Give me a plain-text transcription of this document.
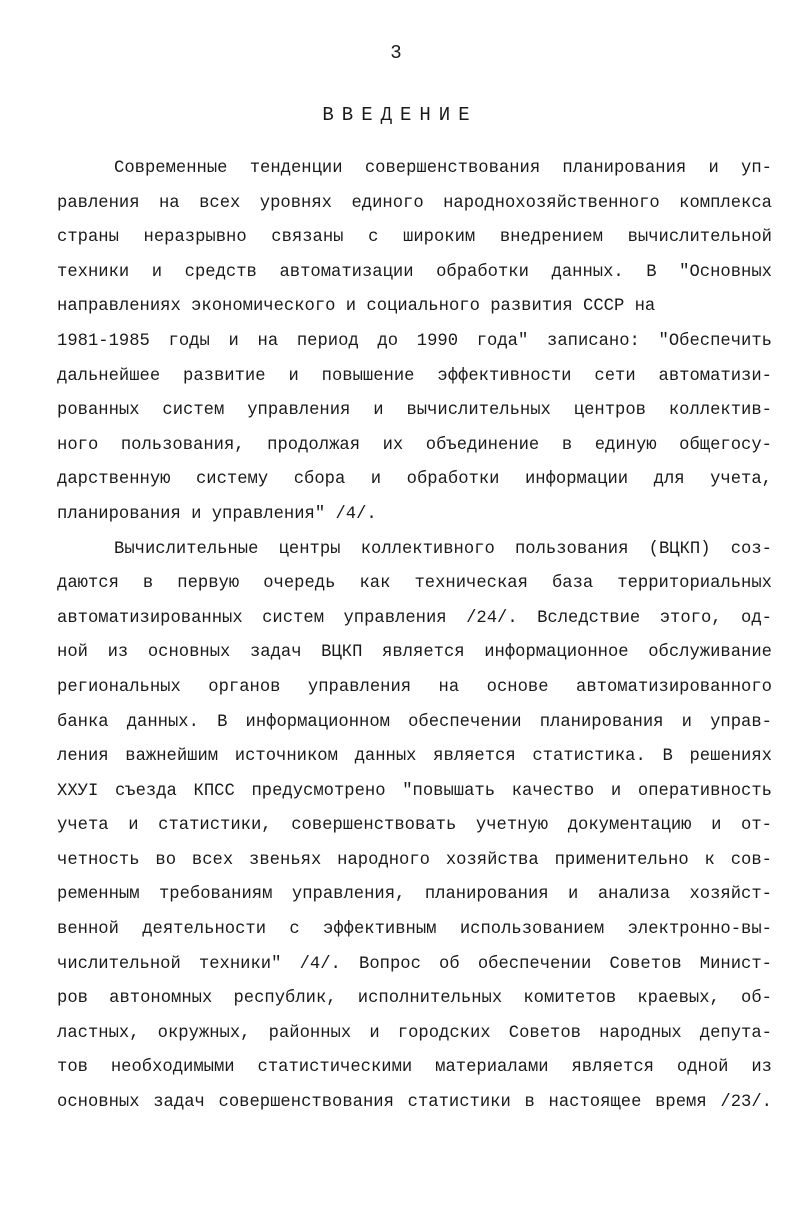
3
ВВЕДЕНИЕ
Современные тенденции совершенствования планирования и уп-
равления на всех уровнях единого народнохозяйственного комплекса
страны неразрывно связаны с широким внедрением вычислительной
техники и средств автоматизации обработки данных. В "Основных
направлениях экономического и социального развития СССР на
1981-1985 годы и на период до 1990 года" записано: "Обеспечить
дальнейшее развитие и повышение эффективности сети автоматизи-
рованных систем управления и вычислительных центров коллектив-
ного пользования, продолжая их объединение в единую общегосу-
дарственную систему сбора и обработки информации для учета,
планирования и управления" /4/.
Вычислительные центры коллективного пользования (ВЦКП) соз-
даются в первую очередь как техническая база территориальных
автоматизированных систем управления /24/. Вследствие этого, од-
ной из основных задач ВЦКП является информационное обслуживание
региональных органов управления на основе автоматизированного
банка данных. В информационном обеспечении планирования и управ-
ления важнейшим источником данных является статистика. В решениях
ХХУI съезда КПСС предусмотрено "повышать качество и оперативность
учета и статистики, совершенствовать учетную документацию и от-
четность во всех звеньях народного хозяйства применительно к сов-
ременным требованиям управления, планирования и анализа хозяйст-
венной деятельности с эффективным использованием электронно-вы-
числительной техники" /4/. Вопрос об обеспечении Советов Минист-
ров автономных республик, исполнительных комитетов краевых, об-
ластных, окружных, районных и городских Советов народных депута-
тов необходимыми статистическими материалами является одной из
основных задач совершенствования статистики в настоящее время /23/.
